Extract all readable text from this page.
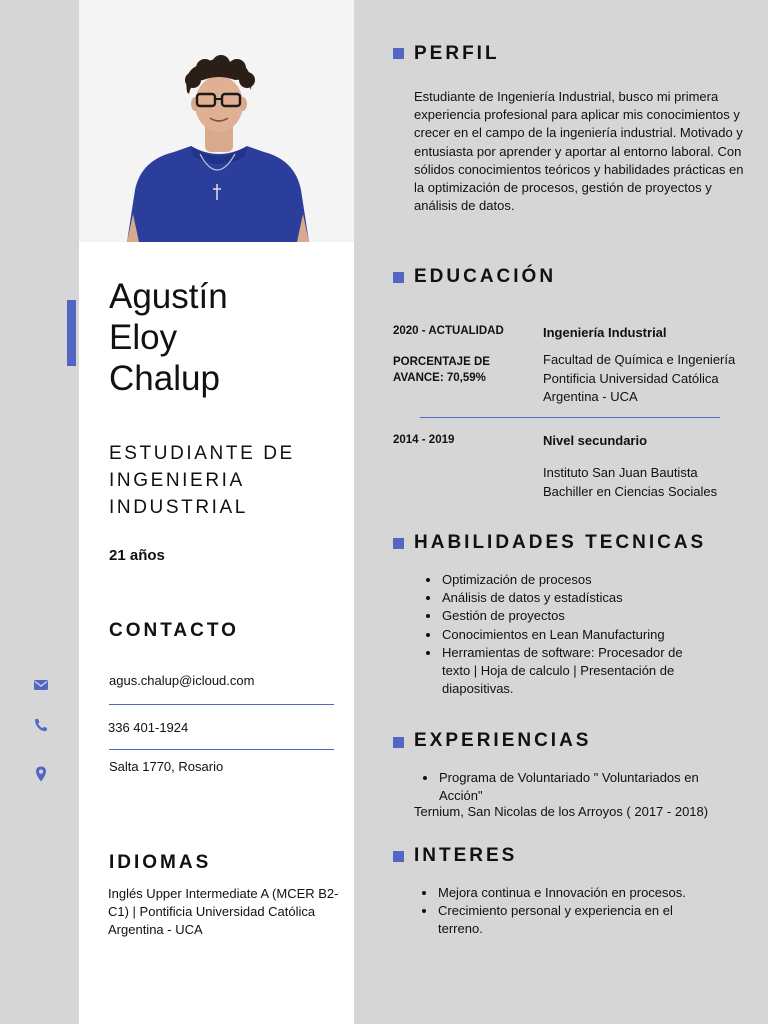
Agustín
Eloy
Chalup
ESTUDIANTE DE INGENIERIA INDUSTRIAL
21 años
CONTACTO
agus.chalup@icloud.com
336 401-1924
Salta 1770, Rosario
IDIOMAS
Inglés Upper Intermediate A (MCER B2-C1) | Pontificia Universidad Católica Argentina - UCA
PERFIL
Estudiante de Ingeniería Industrial, busco mi primera experiencia profesional para aplicar mis conocimientos y crecer en el campo de la ingeniería industrial. Motivado y entusiasta por aprender y aportar al entorno laboral. Con sólidos conocimientos teóricos y habilidades prácticas en la optimización de procesos, gestión de proyectos y análisis de datos.
EDUCACIÓN
2020 - ACTUALIDAD
PORCENTAJE DE AVANCE: 70,59%
Ingeniería Industrial
Facultad de Química e Ingeniería
Pontificia Universidad Católica
Argentina - UCA
2014 - 2019	Nivel secundario
Instituto San Juan Bautista
Bachiller en Ciencias Sociales
HABILIDADES TECNICAS
Optimización de procesos
Análisis de datos y estadísticas
Gestión de proyectos
Conocimientos en Lean Manufacturing
Herramientas de software: Procesador de texto | Hoja de calculo | Presentación de diapositivas.
EXPERIENCIAS
Programa de Voluntariado " Voluntariados en Acción"
Ternium, San Nicolas de los Arroyos ( 2017 - 2018)
INTERES
Mejora continua e Innovación en procesos.
Crecimiento personal y experiencia en el terreno.
